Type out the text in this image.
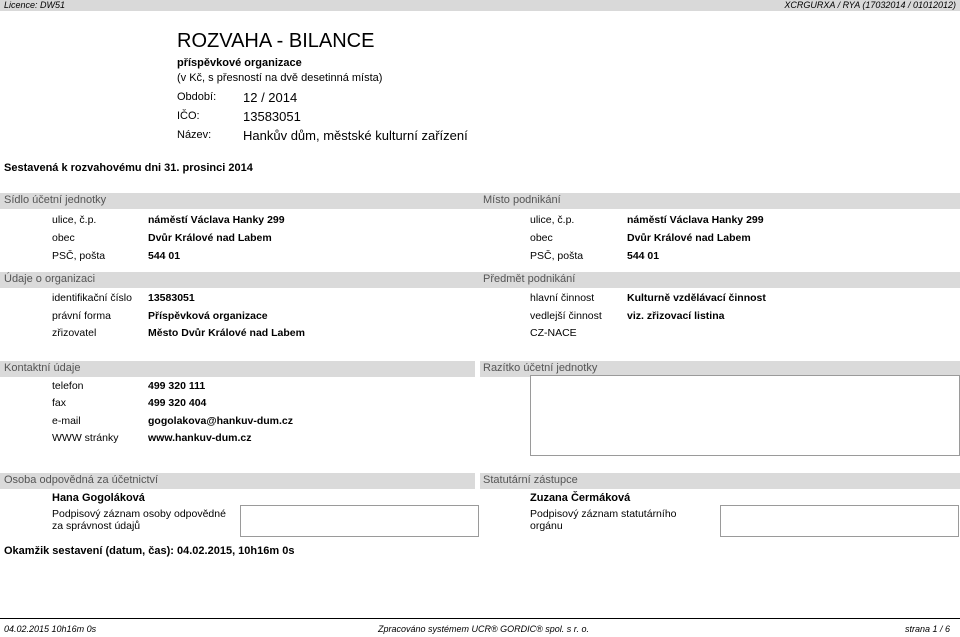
Licence: DW51	XCRGURXA / RYA (17032014 / 01012012)
ROZVAHA - BILANCE
příspěvkové organizace
(v Kč, s přesností na dvě desetinná místa)
Období: 12 / 2014
IČO:	13583051
Název: Hankův dům, městské kulturní zařízení
Sestavená k rozvahovému dni 31. prosinci 2014
Sídlo účetní jednotky	Místo podnikání
ulice, č.p.	náměstí Václava Hanky 299
obec	Dvůr Králové nad Labem
PSČ, pošta	544 01
ulice, č.p.	náměstí Václava Hanky 299
obec	Dvůr Králové nad Labem
PSČ, pošta	544 01
Údaje o organizaci	Předmět podnikání
identifikační číslo 13583051
právní forma	Příspěvková organizace
zřizovatel	Město Dvůr Králové nad Labem
hlavní činnost	Kulturně vzdělávací činnost
vedlejší činnost viz. zřizovací listina
CZ-NACE
Kontaktní údaje	Razítko účetní jednotky
telefon	499 320 111
fax	499 320 404
e-mail	gogolakova@hankuv-dum.cz
WWW stránky	www.hankuv-dum.cz
Osoba odpovědná za účetnictví	Statutární zástupce
Hana Gogoláková
Podpisový záznam osoby odpovědné
za správnost údajů
Zuzana Čermáková
Podpisový záznam statutárního
orgánu
Okamžik sestavení (datum, čas): 04.02.2015, 10h16m 0s
04.02.2015 10h16m 0s	Zpracováno systémem UCR® GORDIC® spol. s r. o.	strana 1 / 6
